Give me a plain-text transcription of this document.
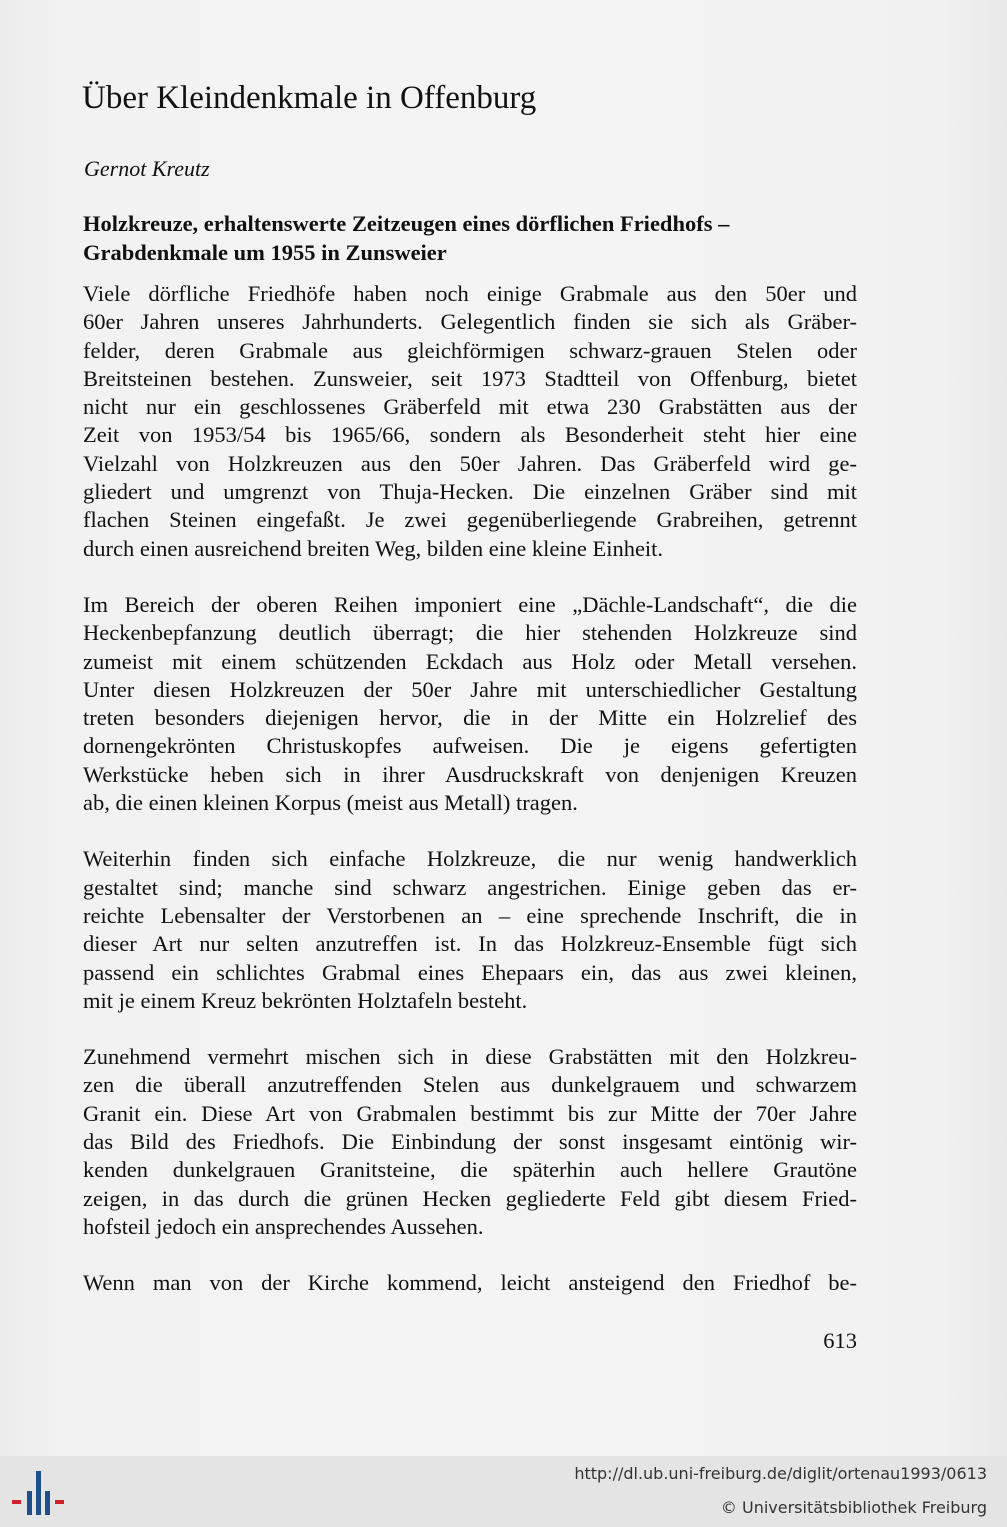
Über Kleindenkmale in Offenburg

Gernot Kreutz

Holzkreuze, erhaltenswerte Zeitzeugen eines dörflichen Friedhofs –
Grabdenkmale um 1955 in Zunsweier

Viele dörfliche Friedhöfe haben noch einige Grabmale aus den 50er und
60er Jahren unseres Jahrhunderts. Gelegentlich finden sie sich als Gräber-
felder, deren Grabmale aus gleichförmigen schwarz-grauen Stelen oder
Breitsteinen bestehen. Zunsweier, seit 1973 Stadtteil von Offenburg, bietet
nicht nur ein geschlossenes Gräberfeld mit etwa 230 Grabstätten aus der
Zeit von 1953/54 bis 1965/66, sondern als Besonderheit steht hier eine
Vielzahl von Holzkreuzen aus den 50er Jahren. Das Gräberfeld wird ge-
gliedert und umgrenzt von Thuja-Hecken. Die einzelnen Gräber sind mit
flachen Steinen eingefaßt. Je zwei gegenüberliegende Grabreihen, getrennt
durch einen ausreichend breiten Weg, bilden eine kleine Einheit.

Im Bereich der oberen Reihen imponiert eine „Dächle-Landschaft“, die die
Heckenbepfanzung deutlich überragt; die hier stehenden Holzkreuze sind
zumeist mit einem schützenden Eckdach aus Holz oder Metall versehen.
Unter diesen Holzkreuzen der 50er Jahre mit unterschiedlicher Gestaltung
treten besonders diejenigen hervor, die in der Mitte ein Holzrelief des
dornengekrönten Christuskopfes aufweisen. Die je eigens gefertigten
Werkstücke heben sich in ihrer Ausdruckskraft von denjenigen Kreuzen
ab, die einen kleinen Korpus (meist aus Metall) tragen.

Weiterhin finden sich einfache Holzkreuze, die nur wenig handwerklich
gestaltet sind; manche sind schwarz angestrichen. Einige geben das er-
reichte Lebensalter der Verstorbenen an – eine sprechende Inschrift, die in
dieser Art nur selten anzutreffen ist. In das Holzkreuz-Ensemble fügt sich
passend ein schlichtes Grabmal eines Ehepaars ein, das aus zwei kleinen,
mit je einem Kreuz bekrönten Holztafeln besteht.

Zunehmend vermehrt mischen sich in diese Grabstätten mit den Holzkreu-
zen die überall anzutreffenden Stelen aus dunkelgrauem und schwarzem
Granit ein. Diese Art von Grabmalen bestimmt bis zur Mitte der 70er Jahre
das Bild des Friedhofs. Die Einbindung der sonst insgesamt eintönig wir-
kenden dunkelgrauen Granitsteine, die späterhin auch hellere Grautöne
zeigen, in das durch die grünen Hecken gegliederte Feld gibt diesem Fried-
hofsteil jedoch ein ansprechendes Aussehen.

Wenn man von der Kirche kommend, leicht ansteigend den Friedhof be-

613
http://dl.ub.uni-freiburg.de/diglit/ortenau1993/0613
© Universitätsbibliothek Freiburg
